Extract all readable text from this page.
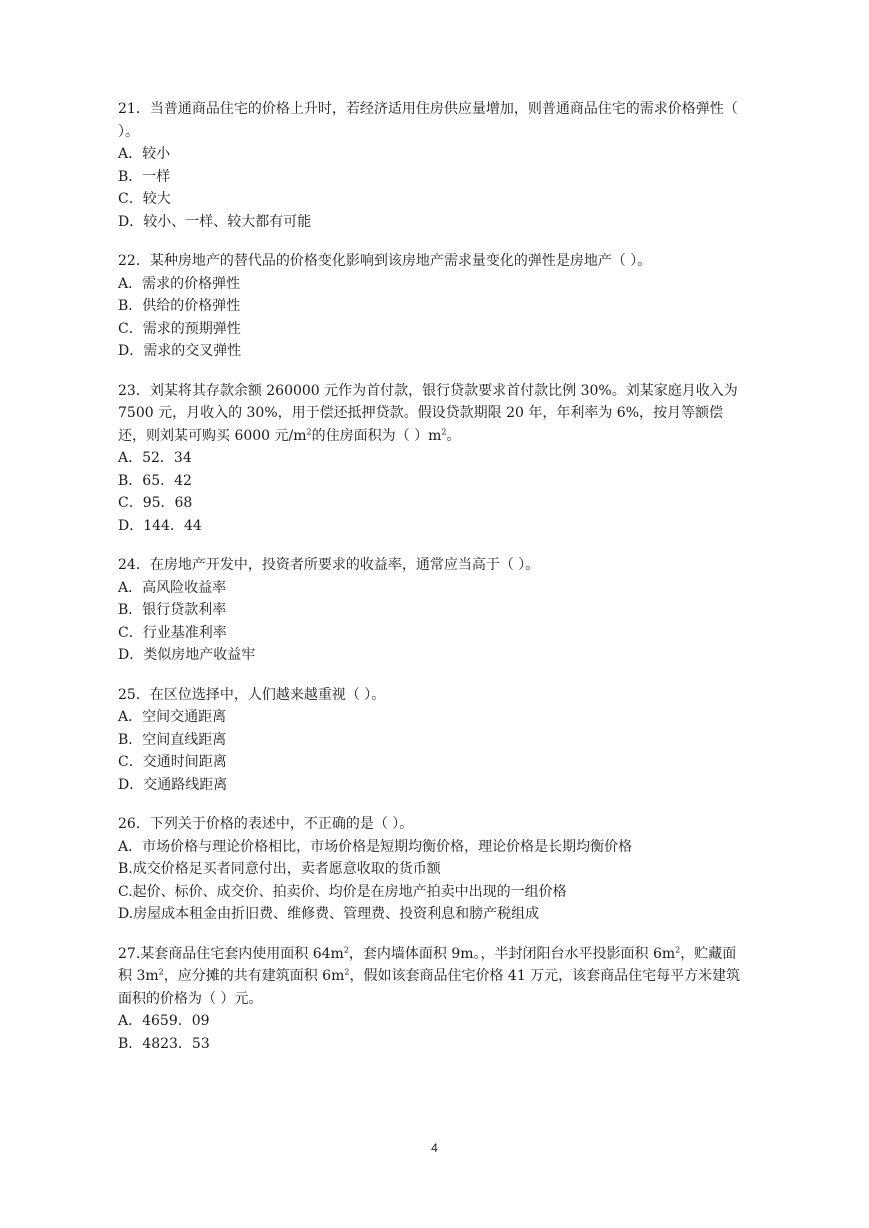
21．当普通商品住宅的价格上升时，若经济适用住房供应量增加，则普通商品住宅的需求价格弹性（ ）。

A．较小

B．一样

C．较大

D．较小、一样、较大都有可能

22．某种房地产的替代品的价格变化影响到该房地产需求量变化的弹性是房地产（ ）。

A．需求的价格弹性

B．供给的价格弹性

C．需求的预期弹性

D．需求的交叉弹性

23．刘某将其存款余额 260000 元作为首付款，银行贷款要求首付款比例 30%。刘某家庭月收入为 7500 元，月收入的 30%，用于偿还抵押贷款。假设贷款期限 20 年，年利率为 6%，按月等额偿还，则刘某可购买 6000 元$/m^2$的住房面积为（ ）$m^2$。

A．52．34

B．65．42

C．95．68

D．144．44

24．在房地产开发中，投资者所要求的收益率，通常应当高于（ ）。

A．高风险收益率

B．银行贷款利率

C．行业基准利率

D．类似房地产收益牢

25．在区位选择中，人们越来越重视（ ）。

A．空间交通距离

B．空间直线距离

C．交通时间距离

D．交通路线距离

26．下列关于价格的表述中，不正确的是（ ）。

A．市场价格与理论价格相比，市场价格是短期均衡价格，理论价格是长期均衡价格

B.成交价格足买者同意付出，卖者愿意收取的货币额

C.起价、标价、成交价、拍卖价、均价是在房地产拍卖中出现的一组价格

D.房屋成本租金由折旧费、维修费、管理费、投资利息和膀产税组成

27.某套商品住宅套内使用面积 $64m^2$，套内墙体面积 9m。，半封闭阳台水平投影面积 $6m^2$，贮藏面积 $3m^2$，应分摊的共有建筑面积 $6m^2$，假如该套商品住宅价格 41 万元，该套商品住宅每平方米建筑面积的价格为（ ）元。

A．4659．09

B．4823．53

4
